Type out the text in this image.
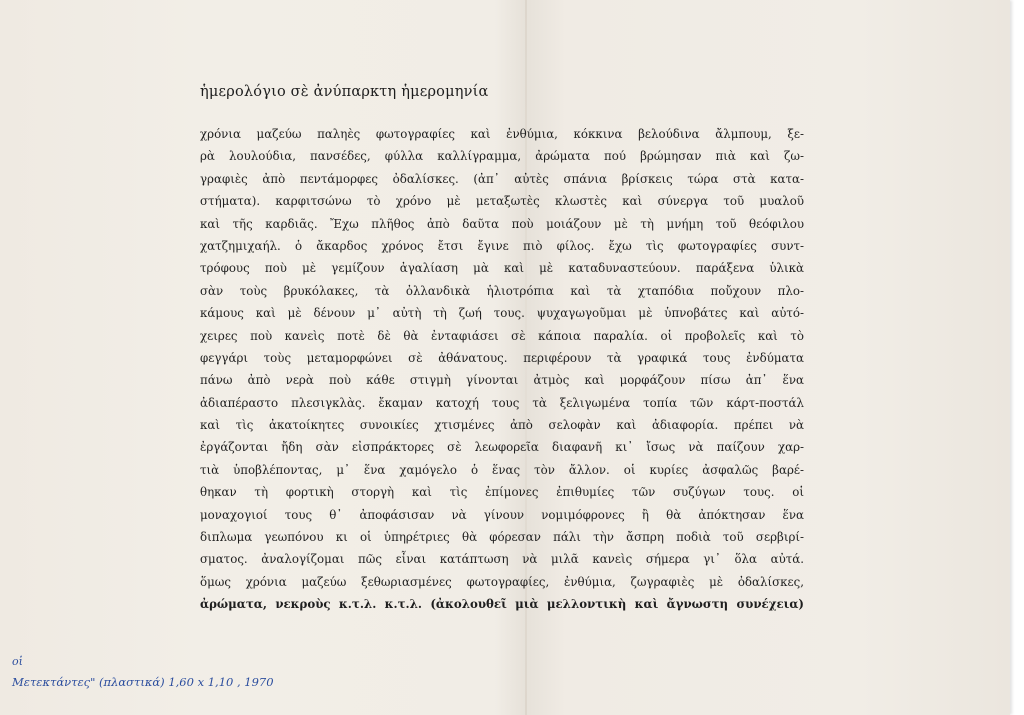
ἡμερολόγιο σὲ ἀνύπαρκτη ἡμερομηνία
χρόνια μαζεύω παληὲς φωτογραφίες καὶ ἐνθύμια, κόκκινα βελούδινα ἄλμπουμ, ξε-
ρὰ λουλούδια, πανσέδες, φύλλα καλλίγραμμα, ἀρώματα πού βρώμησαν πιὰ καὶ ζω-
γραφιὲς ἀπὸ πεντάμορφες ὀδαλίσκες. (ἀπ᾿ αὐτὲς σπάνια βρίσκεις τώρα στὰ κατα-
στήματα). καρφιτσώνω τὸ χρόνο μὲ μεταξωτὲς κλωστὲς καὶ σύνεργα τοῦ μυαλοῦ
καὶ τῆς καρδιᾶς. Ἔχω πλῆθος ἀπὸ δαῦτα ποὺ μοιάζουν μὲ τὴ μνήμη τοῦ θεόφιλου
χατζημιχαήλ. ὁ ἄκαρδος χρόνος ἔτσι ἔγινε πιὸ φίλος. ἔχω τὶς φωτογραφίες συντ-
τρόφους ποὺ μὲ γεμίζουν ἀγαλίαση μὰ καὶ μὲ καταδυναστεύουν. παράξενα ὑλικὰ
σὰν τοὺς βρυκόλακες, τὰ ὀλλανδικὰ ἡλιοτρόπια καὶ τὰ χταπόδια ποὔχουν πλο-
κάμους καὶ μὲ δένουν μ᾿ αὐτὴ τὴ ζωή τους. ψυχαγωγοῦμαι μὲ ὑπνοβάτες καὶ αὐτό-
χειρες ποὺ κανεὶς ποτὲ δὲ θὰ ἐνταφιάσει σὲ κάποια παραλία. οἱ προβολεῖς καὶ τὸ
φεγγάρι τοὺς μεταμορφώνει σὲ ἀθάνατους. περιφέρουν τὰ γραφικά τους ἐνδύματα
πάνω ἀπὸ νερὰ ποὺ κάθε στιγμὴ γίνονται ἀτμὸς καὶ μορφάζουν πίσω ἀπ᾿ ἕνα
ἀδιαπέραστο πλεσιγκλὰς. ἔκαμαν κατοχή τους τὰ ξελιγωμένα τοπία τῶν κάρτ-ποστάλ
καὶ τὶς ἀκατοίκητες συνοικίες χτισμένες ἀπὸ σελοφὰν καὶ ἀδιαφορία. πρέπει νὰ
ἐργάζονται ἤδη σὰν εἰσπράκτορες σὲ λεωφορεῖα διαφανῆ κι᾿ ἴσως νὰ παίζουν χαρ-
τιὰ ὑποβλέποντας, μ᾿ ἕνα χαμόγελο ὁ ἕνας τὸν ἄλλον. οἱ κυρίες ἀσφαλῶς βαρέ-
θηκαν τὴ φορτικὴ στοργὴ καὶ τὶς ἐπίμονες ἐπιθυμίες τῶν συζύγων τους. οἱ
μοναχογιοί τους θ᾿ ἀποφάσισαν νὰ γίνουν νομιμόφρονες ἢ θὰ ἀπόκτησαν ἕνα
διπλωμα γεωπόνου κι οἱ ὑπηρέτριες θὰ φόρεσαν πάλι τὴν ἄσπρη ποδιὰ τοῦ σερβιρί-
σματος. ἀναλογίζομαι πῶς εἶναι κατάπτωση νὰ μιλᾶ κανεὶς σήμερα γι᾿ ὅλα αὐτά.
ὅμως χρόνια μαζεύω ξεθωριασμένες φωτογραφίες, ἐνθύμια, ζωγραφιὲς μὲ ὀδαλίσκες,
ἀρώματα, νεκροὺς κ.τ.λ. κ.τ.λ. (ἀκολουθεῖ μιὰ μελλοντικὴ καὶ ἄγνωστη συνέχεια)
οἱ
Μετεκτάντες" (πλαστικά) 1,60 x 1,10 , 1970
